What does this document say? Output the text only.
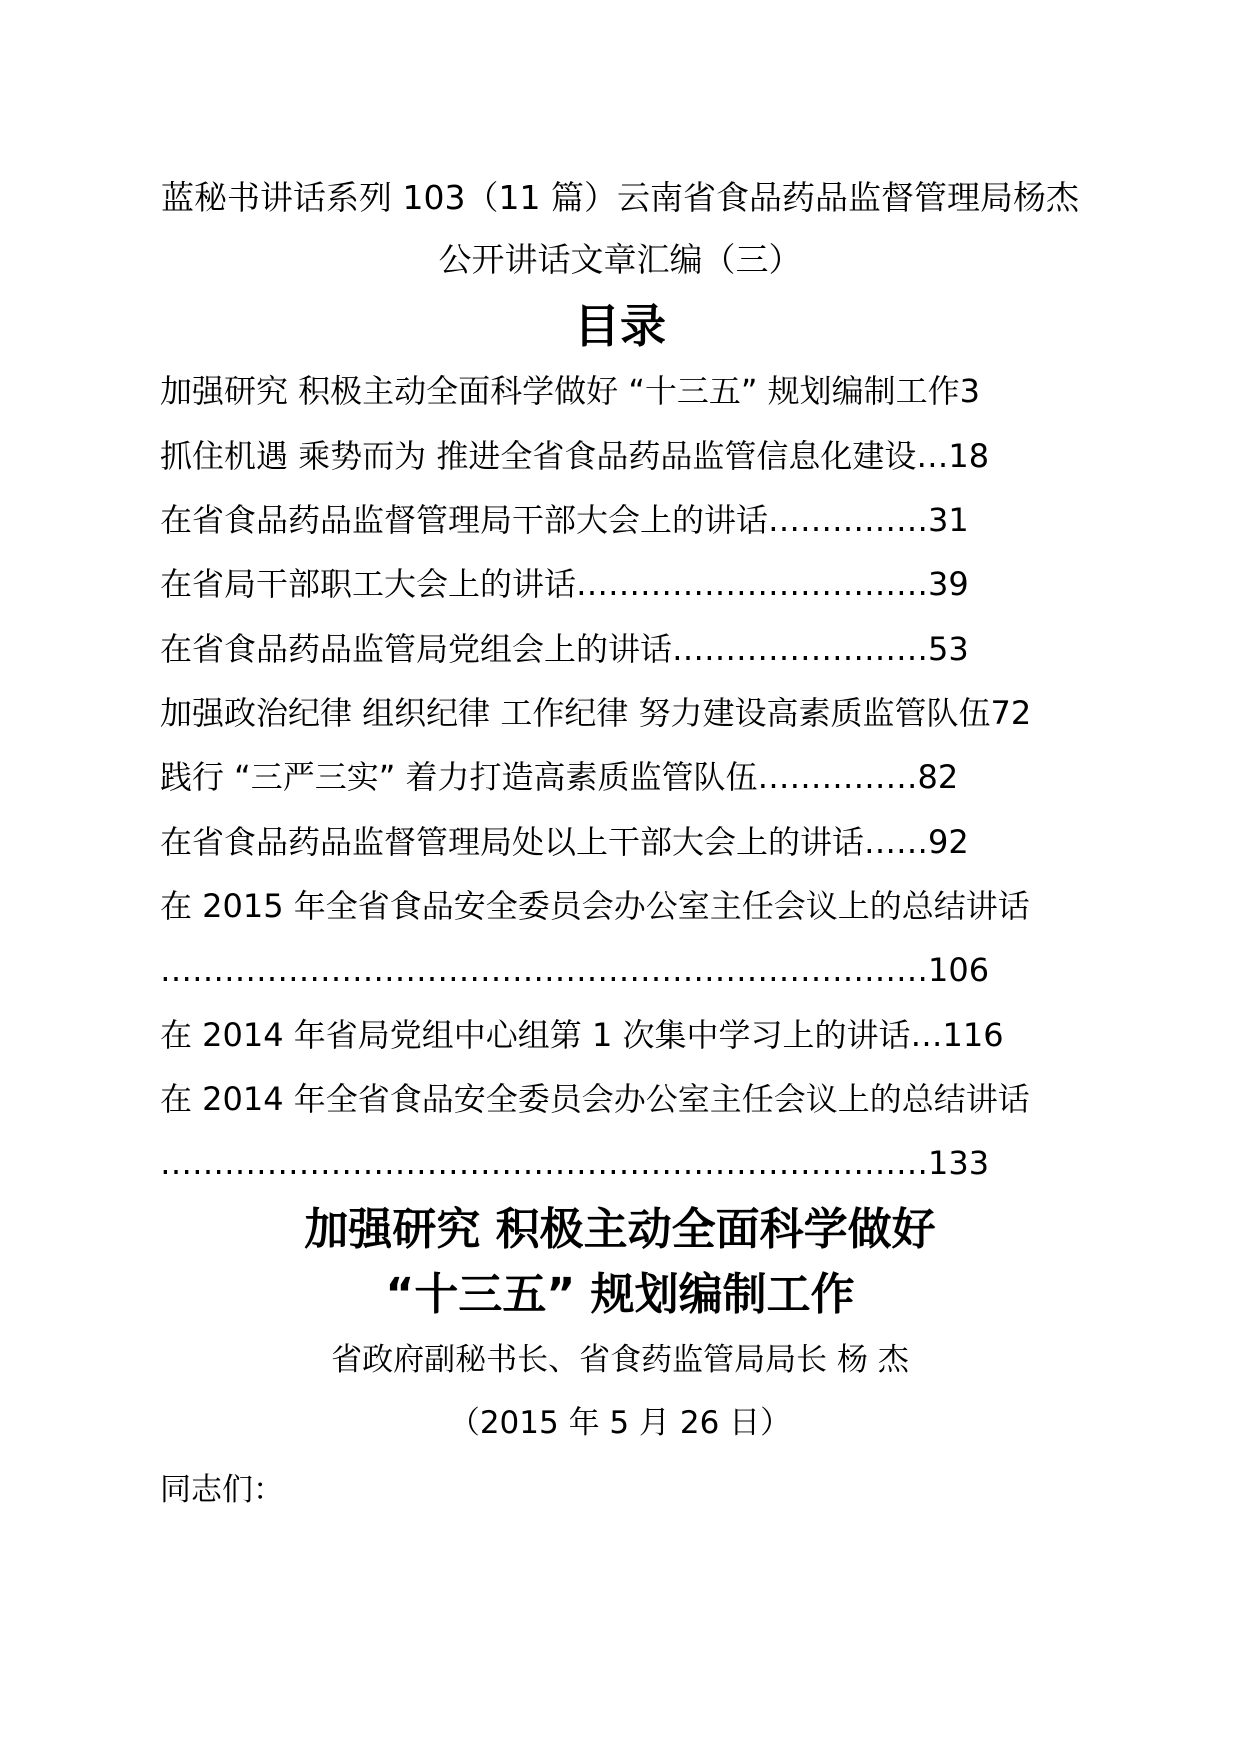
蓝秘书讲话系列 103（11 篇）云南省食品药品监督管理局杨杰
公开讲话文章汇编（三）
目录
加强研究 积极主动全面科学做好 “十三五” 规划编制工作3
抓住机遇 乘势而为 推进全省食品药品监管信息化建设…18
在省食品药品监督管理局干部大会上的讲话……………31
在省局干部职工大会上的讲话……………………………39
在省食品药品监管局党组会上的讲话……………………53
加强政治纪律 组织纪律 工作纪律 努力建设高素质监管队伍72
践行 “三严三实” 着力打造高素质监管队伍……………82
在省食品药品监督管理局处以上干部大会上的讲话……92
在 2015 年全省食品安全委员会办公室主任会议上的总结讲话
………………………………………………………………106
在 2014 年省局党组中心组第 1 次集中学习上的讲话…116
在 2014 年全省食品安全委员会办公室主任会议上的总结讲话
………………………………………………………………133
加强研究 积极主动全面科学做好
“十三五” 规划编制工作
省政府副秘书长、省食药监管局局长 杨 杰
（2015 年 5 月 26 日）
同志们：
